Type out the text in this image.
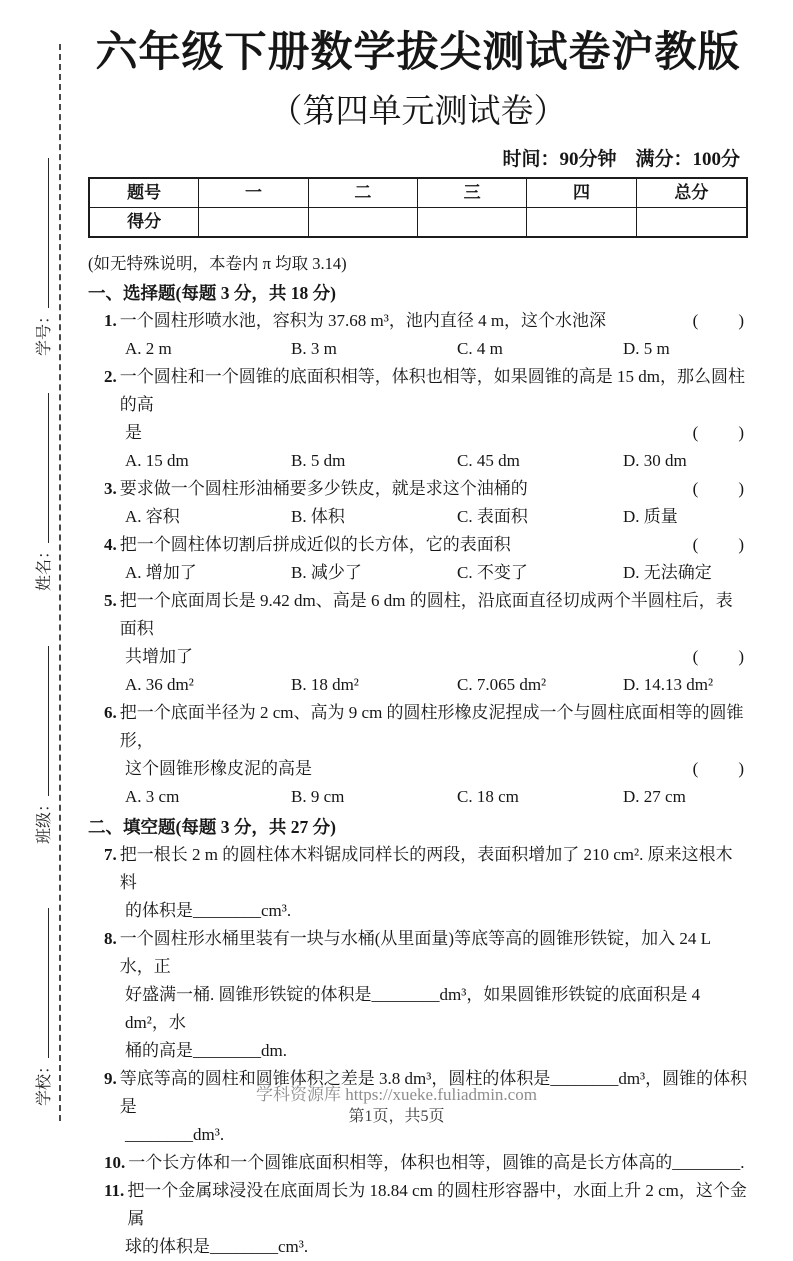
学号：
姓名：
班级：
学校：
六年级下册数学拔尖测试卷沪教版
（第四单元测试卷）
时间：90分钟　满分：100分
题号	一	二	三	四	总分
得分
(如无特殊说明，本卷内 π 均取 3.14)
一、选择题(每题 3 分，共 18 分)
1. 一个圆柱形喷水池，容积为 37.68 m³，池内直径 4 m，这个水池深	(　　)
A. 2 m	B. 3 m	C. 4 m	D. 5 m
2. 一个圆柱和一个圆锥的底面积相等，体积也相等，如果圆锥的高是 15 dm，那么圆柱的高
是	(　　)
A. 15 dm	B. 5 dm	C. 45 dm	D. 30 dm
3. 要求做一个圆柱形油桶要多少铁皮，就是求这个油桶的	(　　)
A. 容积	B. 体积	C. 表面积	D. 质量
4. 把一个圆柱体切割后拼成近似的长方体，它的表面积	(　　)
A. 增加了	B. 减少了	C. 不变了	D. 无法确定
5. 把一个底面周长是 9.42 dm、高是 6 dm 的圆柱，沿底面直径切成两个半圆柱后，表面积
共增加了	(　　)
A. 36 dm²	B. 18 dm²	C. 7.065 dm²	D. 14.13 dm²
6. 把一个底面半径为 2 cm、高为 9 cm 的圆柱形橡皮泥捏成一个与圆柱底面相等的圆锥形，
这个圆锥形橡皮泥的高是	(　　)
A. 3 cm	B. 9 cm	C. 18 cm	D. 27 cm
二、填空题(每题 3 分，共 27 分)
7. 把一根长 2 m 的圆柱体木料锯成同样长的两段，表面积增加了 210 cm². 原来这根木料
的体积是________cm³.
8. 一个圆柱形水桶里装有一块与水桶(从里面量)等底等高的圆锥形铁锭，加入 24 L 水，正
好盛满一桶. 圆锥形铁锭的体积是________dm³，如果圆锥形铁锭的底面积是 4 dm²，水
桶的高是________dm.
9. 等底等高的圆柱和圆锥体积之差是 3.8 dm³，圆柱的体积是________dm³，圆锥的体积是
________dm³.
10. 一个长方体和一个圆锥底面积相等，体积也相等，圆锥的高是长方体高的________.
11. 把一个金属球浸没在底面周长为 18.84 cm 的圆柱形容器中，水面上升 2 cm，这个金属
球的体积是________cm³.
学科资源库 https://xueke.fuliadmin.com
第1页，共5页
